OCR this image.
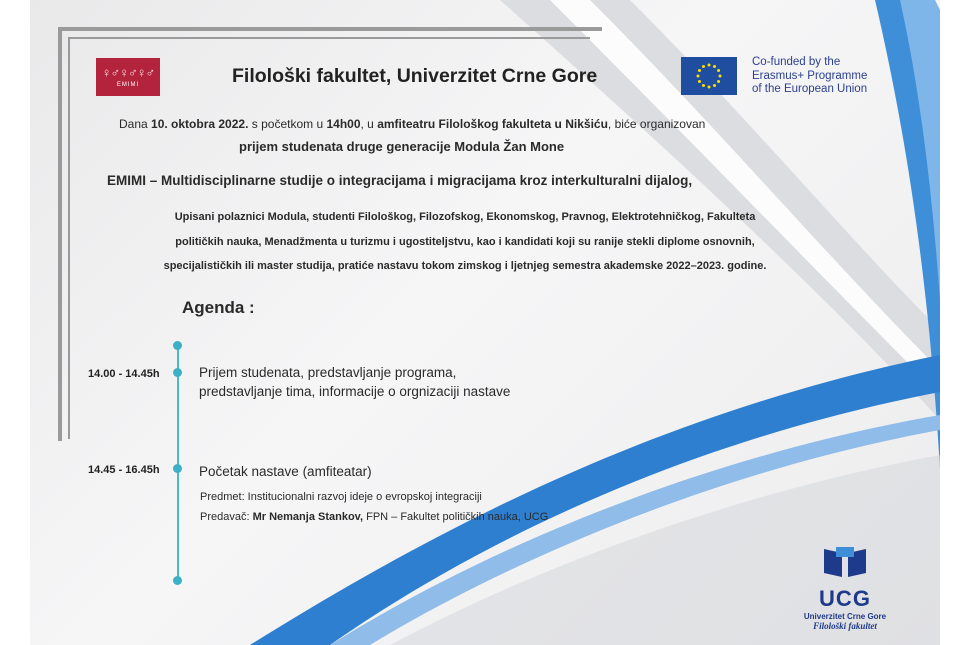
♀♂♀♂♀♂
EMIMI	Filološki fakultet, Univerzitet Crne Gore
Co-funded by the
Erasmus+ Programme
of the European Union
Dana 10. oktobra 2022. s početkom u 14h00, u amfiteatru Filološkog fakulteta u Nikšiću, biće organizovan
prijem studenata druge generacije Modula Žan Mone
EMIMI – Multidisciplinarne studije o integracijama i migracijama kroz interkulturalni dijalog,
Upisani polaznici Modula, studenti Filološkog, Filozofskog, Ekonomskog, Pravnog, Elektrotehničkog, Fakulteta
političkih nauka, Menadžmenta u turizmu i ugostiteljstvu, kao i kandidati koji su ranije stekli diplome osnovnih,
specijalističkih ili master studija, pratiće nastavu tokom zimskog i ljetnjeg semestra akademske 2022–2023. godine.
Agenda :
14.00 - 14.45h	Prijem studenata, predstavljanje programa,
predstavljanje tima, informacije o orgnizaciji nastave
14.45 - 16.45h	Početak nastave (amfiteatar)
Predmet: Institucionalni razvoj ideje o evropskoj integraciji
Predavač: Mr Nemanja Stankov, FPN – Fakultet političkih nauka, UCG
UCG
Univerzitet Crne Gore
Filološki fakultet
